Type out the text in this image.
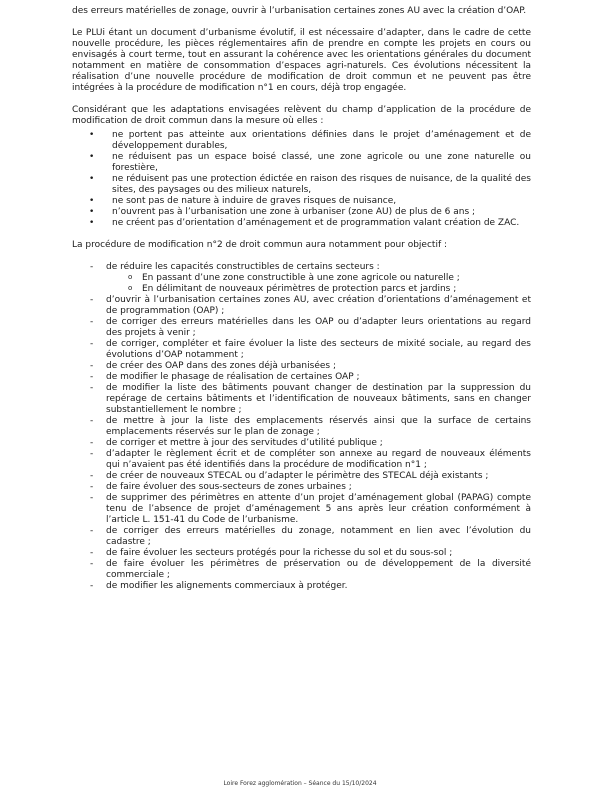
des erreurs matérielles de zonage, ouvrir à l’urbanisation certaines zones AU avec la création d’OAP.

Le PLUi étant un document d’urbanisme évolutif, il est nécessaire d’adapter, dans le cadre de cette nouvelle procédure, les pièces réglementaires afin de prendre en compte les projets en cours ou envisagés à court terme, tout en assurant la cohérence avec les orientations générales du document notamment en matière de consommation d’espaces agri-naturels. Ces évolutions nécessitent la réalisation d’une nouvelle procédure de modification de droit commun et ne peuvent pas être intégrées à la procédure de modification n°1 en cours, déjà trop engagée.

Considérant que les adaptations envisagées relèvent du champ d’application de la procédure de modification de droit commun dans la mesure où elles :

• ne portent pas atteinte aux orientations définies dans le projet d’aménagement et de développement durables,
• ne réduisent pas un espace boisé classé, une zone agricole ou une zone naturelle ou forestière,
• ne réduisent pas une protection édictée en raison des risques de nuisance, de la qualité des sites, des paysages ou des milieux naturels,
• ne sont pas de nature à induire de graves risques de nuisance,
• n’ouvrent pas à l’urbanisation une zone à urbaniser (zone AU) de plus de 6 ans ;
• ne créent pas d’orientation d’aménagement et de programmation valant création de ZAC.

La procédure de modification n°2 de droit commun aura notamment pour objectif :

- de réduire les capacités constructibles de certains secteurs :
o En passant d’une zone constructible à une zone agricole ou naturelle ;
o En délimitant de nouveaux périmètres de protection parcs et jardins ;
- d’ouvrir à l’urbanisation certaines zones AU, avec création d’orientations d’aménagement et de programmation (OAP) ;
- de corriger des erreurs matérielles dans les OAP ou d’adapter leurs orientations au regard des projets à venir ;
- de corriger, compléter et faire évoluer la liste des secteurs de mixité sociale, au regard des évolutions d’OAP notamment ;
- de créer des OAP dans des zones déjà urbanisées ;
- de modifier le phasage de réalisation de certaines OAP ;
- de modifier la liste des bâtiments pouvant changer de destination par la suppression du repérage de certains bâtiments et l’identification de nouveaux bâtiments, sans en changer substantiellement le nombre ;
- de mettre à jour la liste des emplacements réservés ainsi que la surface de certains emplacements réservés sur le plan de zonage ;
- de corriger et mettre à jour des servitudes d’utilité publique ;
- d’adapter le règlement écrit et de compléter son annexe au regard de nouveaux éléments qui n’avaient pas été identifiés dans la procédure de modification n°1 ;
- de créer de nouveaux STECAL ou d’adapter le périmètre des STECAL déjà existants ;
- de faire évoluer des sous-secteurs de zones urbaines ;
- de supprimer des périmètres en attente d’un projet d’aménagement global (PAPAG) compte tenu de l’absence de projet d’aménagement 5 ans après leur création conformément à l’article L. 151-41 du Code de l’urbanisme.
- de corriger des erreurs matérielles du zonage, notamment en lien avec l’évolution du cadastre ;
- de faire évoluer les secteurs protégés pour la richesse du sol et du sous-sol ;
- de faire évoluer les périmètres de préservation ou de développement de la diversité commerciale ;
- de modifier les alignements commerciaux à protéger.
Loire Forez agglomération – Séance du 15/10/2024
